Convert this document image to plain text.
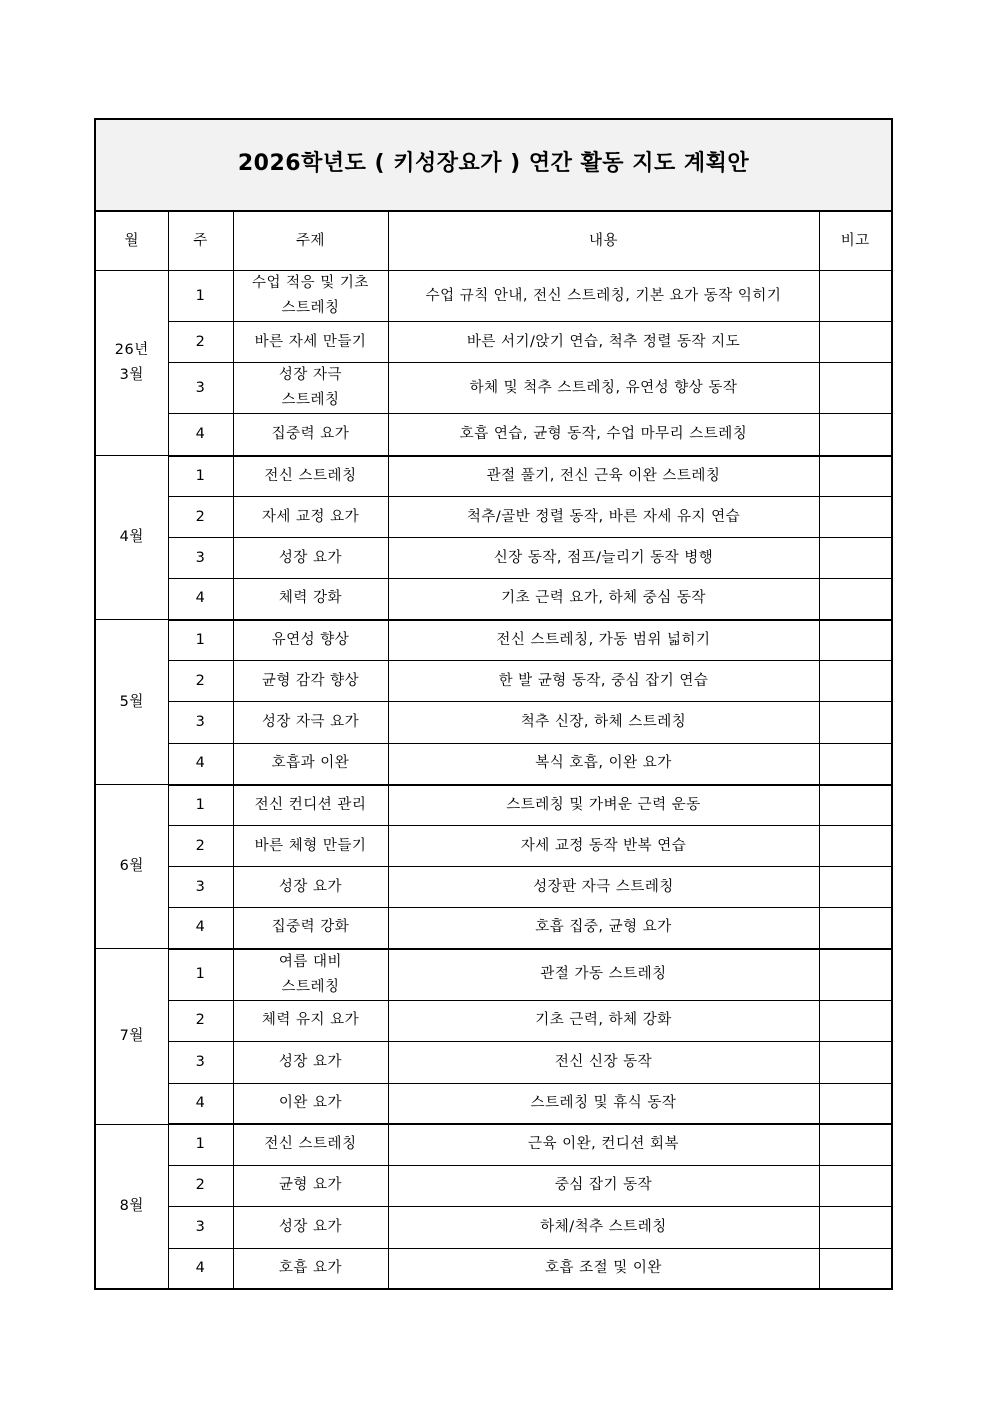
2026학년도 ( 키성장요가 ) 연간 활동 지도 계획안				
월	주	주제	내용	비고
26년 3월	1	수업 적응 및 기초 스트레칭	수업 규칙 안내, 전신 스트레칭, 기본 요가 동작 익히기	
	2	바른 자세 만들기	바른 서기/앉기 연습, 척추 정렬 동작 지도	
	3	성장 자극 스트레칭	하체 및 척추 스트레칭, 유연성 향상 동작	
	4	집중력 요가	호흡 연습, 균형 동작, 수업 마무리 스트레칭	
4월	1	전신 스트레칭	관절 풀기, 전신 근육 이완 스트레칭	
	2	자세 교정 요가	척추/골반 정렬 동작, 바른 자세 유지 연습	
	3	성장 요가	신장 동작, 점프/늘리기 동작 병행	
	4	체력 강화	기초 근력 요가, 하체 중심 동작	
5월	1	유연성 향상	전신 스트레칭, 가동 범위 넓히기	
	2	균형 감각 향상	한 발 균형 동작, 중심 잡기 연습	
	3	성장 자극 요가	척추 신장, 하체 스트레칭	
	4	호흡과 이완	복식 호흡, 이완 요가	
6월	1	전신 컨디션 관리	스트레칭 및 가벼운 근력 운동	
	2	바른 체형 만들기	자세 교정 동작 반복 연습	
	3	성장 요가	성장판 자극 스트레칭	
	4	집중력 강화	호흡 집중, 균형 요가	
7월	1	여름 대비 스트레칭	관절 가동 스트레칭	
	2	체력 유지 요가	기초 근력, 하체 강화	
	3	성장 요가	전신 신장 동작	
	4	이완 요가	스트레칭 및 휴식 동작	
8월	1	전신 스트레칭	근육 이완, 컨디션 회복	
	2	균형 요가	중심 잡기 동작	
	3	성장 요가	하체/척추 스트레칭	
	4	호흡 요가	호흡 조절 및 이완	
